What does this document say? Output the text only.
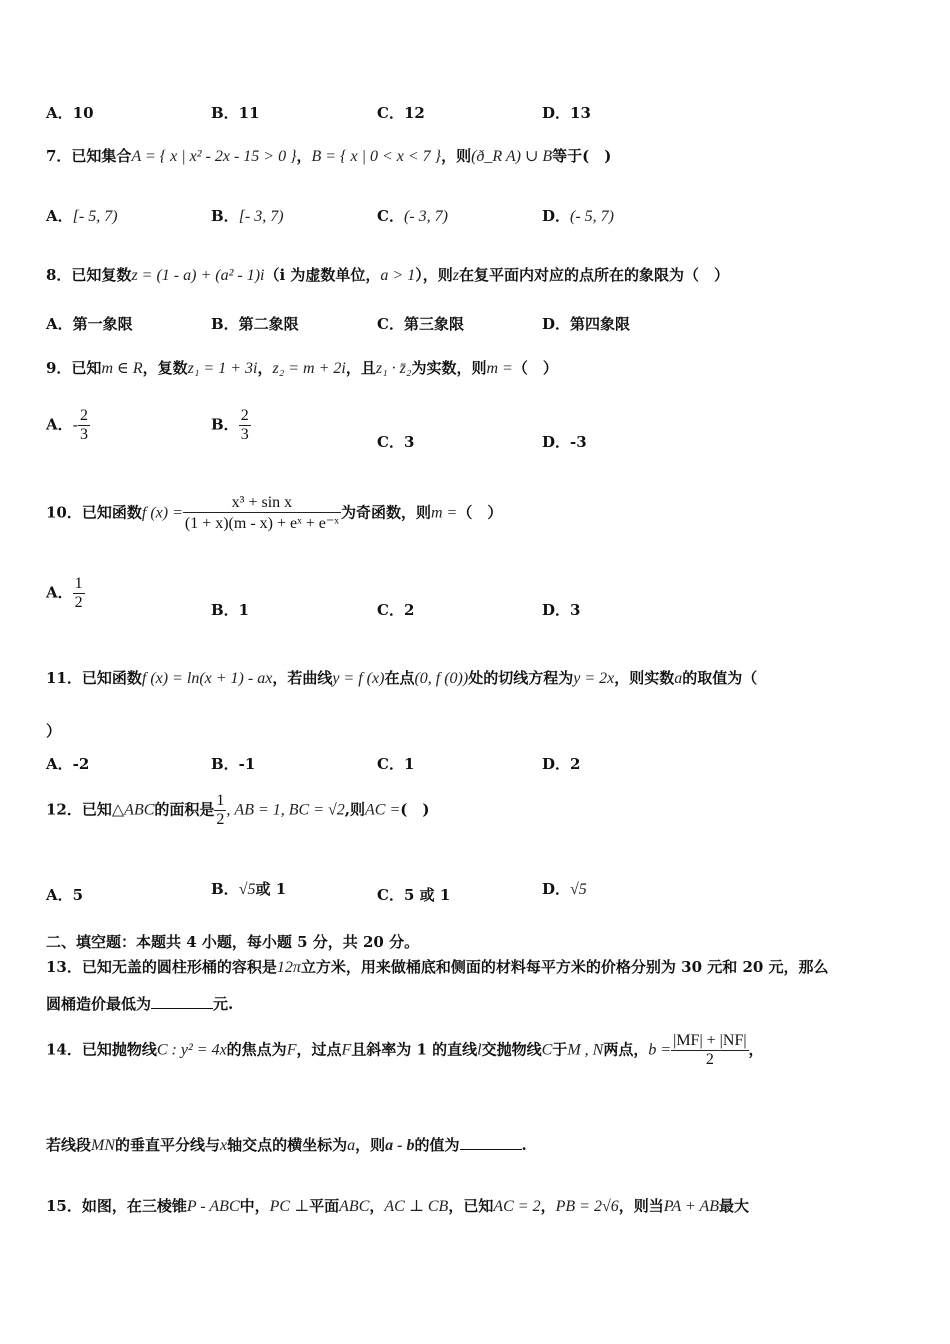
A．10	B．11	C．12	D．13
7．已知集合A = { x | x² - 2x - 15 > 0 }，B = { x | 0 < x < 7 }，则(ð_R A) ∪ B等于(　)
A．[- 5, 7)	B．[- 3, 7)	C．(- 3, 7)	D．(- 5, 7)
8．已知复数z = (1 - a) + (a² - 1)i（i 为虚数单位，a > 1），则z在复平面内对应的点所在的象限为（　）
A．第一象限	B．第二象限	C．第三象限	D．第四象限
9．已知m ∈ R，复数z₁ = 1 + 3i，z₂ = m + 2i，且z₁ · z̄₂为实数，则m =（　）
A．- $\frac{2}{3}$	B． $\frac{2}{3}$	C．3	D．-3
10．已知函数f $(x) = \frac{\text{x³ + sin x}}{\text{(1 + x)(m - x) + eˣ + e⁻ˣ}}$ 为奇函数，则m =（　）
A． $\frac{1}{2}$	B．1	C．2	D．3
11．已知函数f (x) = ln(x + 1) - ax，若曲线y = f (x)在点(0, f (0))处的切线方程为y = 2x，则实数a的取值为（
）
A．-2	B．-1	C．1	D．2
12．已知△ABC的面积是 $\frac{1}{2}$ , AB = 1, BC = √2,则AC =(　)
A．5	B．√5或 1	C．5 或 1	D．√5
二、填空题：本题共 4 小题，每小题 5 分，共 20 分。
13．已知无盖的圆柱形桶的容积是12π立方米，用来做桶底和侧面的材料每平方米的价格分别为 30 元和 20 元，那么
圆桶造价最低为	元.
14．已知抛物线C : y² = 4x的焦点为F，过点F且斜率为 1 的直线l交抛物线C于M , N两点，$b = \frac{|MF| + |NF|}{2}$ ，
若线段MN的垂直平分线与x轴交点的横坐标为a，则a - b的值为	.
15．如图，在三棱锥P - ABC中，PC ⊥平面ABC，AC ⊥ CB，已知AC = 2，PB = 2√6，则当PA + AB最大
